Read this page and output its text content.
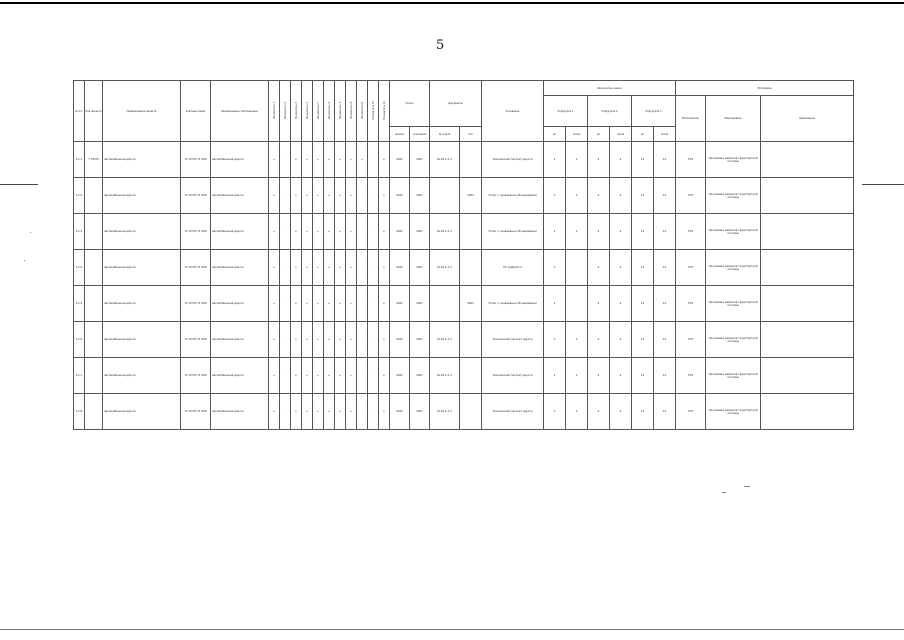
5
№ п/п	Код объекта	Наименование объекта	Учетный номер	Наименование собственника	Показатель 1	Показатель 2	Показатель 3	Показатель 4	Показатель 5	Показатель 6	Показатель 7	Показатель 8	Показатель 9	Показатель 10	Показатель 11	Сроки		Документы		Основание	Результаты оценки						Программа		
																					Подгруппа 1		Подгруппа 2		Подгруппа 3		Исполнитель	Мероприятие	Примечание
																начало	окончание	№ и дата	тип		до	после	до	после	до	после			
1.1.1	7 ОП РЗ	Автомобильная дорога	71 ОП РЗ 71-500	Автомобильная дорога	+	-	+	+	+	+	+	+	+	-	+	2021	2021	№ 45-1-1-3		Технический паспорт дороги	1	1	2	2	11	12	ГКУ	Программа развития транспортной системы	
1.1.2		Автомобильная дорога	71 ОП РЗ 71-500	Автомобильная дорога	+	-	+	+	+	+	+	+	-	-	+	2021	2021		2021	Отчет о проведении обследования	1	1	2	2	11	12	ГКУ	Программа развития транспортной системы	
1.1.3		Автомобильная дорога	71 ОП РЗ 71-500	Автомобильная дорога	+	-	+	+	+	+	+	+	-	-	+	2021	2021	№ 45-1-1-3		Отчет о проведении обследования	1	1	2	2	11	12	ГКУ	Программа развития транспортной системы	
1.1.4		Автомобильная дорога	71 ОП РЗ 71-500	Автомобильная дорога	+	-	+	+	+	+	+	+	-	-	+	2021	2021	№ 45-1-1-3		Не требуется	1		2	2	11	12	ГКУ	Программа развития транспортной системы	
1.1.5		Автомобильная дорога	71 ОП РЗ 71-500	Автомобильная дорога	+	-	+	+	+	+	+	+	-	-	+	2021	2021		2021	Отчет о проведении обследования	1		2	2	11	12	ГКУ	Программа развития транспортной системы	
1.1.6		Автомобильная дорога	71 ОП РЗ 71-500	Автомобильная дорога	+	-	+	+	+	+	+	+	-	-	+	2021	2021	№ 45-1-1-3		Технический паспорт дороги	1	1	2	2	11	12	ГКУ	Программа развития транспортной системы	
1.1.7		Автомобильная дорога	71 ОП РЗ 71-500	Автомобильная дорога	+	-	+	+	+	+	+	+	-	-	+	2021	2021	№ 45-1-1-3		Технический паспорт дороги	1	1	2	2	11	12	ГКУ	Программа развития транспортной системы	
1.1.8		Автомобильная дорога	71 ОП РЗ 71-500	Автомобильная дорога	+	-	+	+	+	+	+	+	-	-	+	2021	2021	№ 45-1-1-3		Технический паспорт дороги	1	1	2	2	11	12	ГКУ	Программа развития транспортной системы	
